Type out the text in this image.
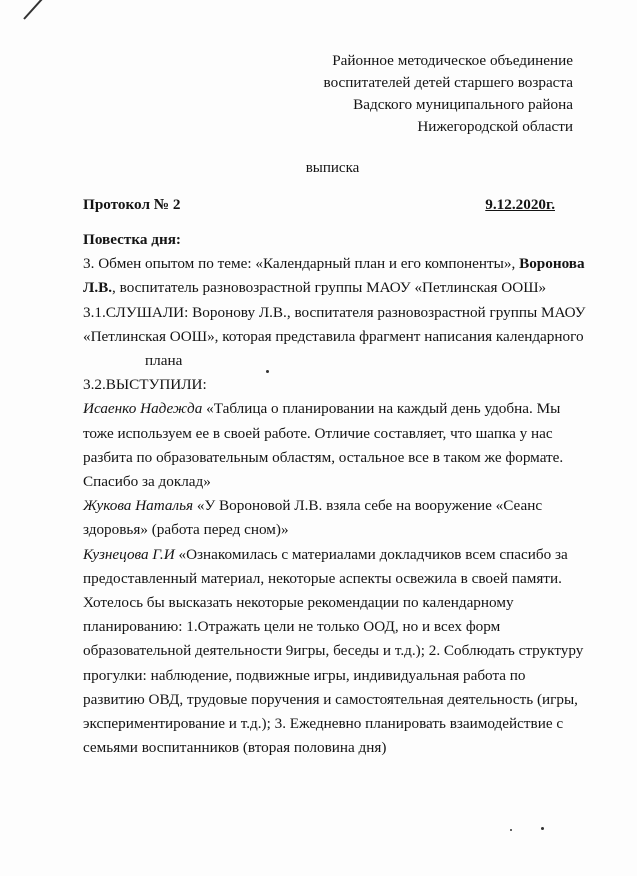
Районное методическое объединение
воспитателей детей старшего возраста
Вадского муниципального района
Нижегородской области
выписка
Протокол № 2	9.12.2020г.
Повестка дня:
3. Обмен опытом по теме: «Календарный план и его компоненты», Воронова
Л.В., воспитатель разновозрастной группы МАОУ «Петлинская ООШ»
3.1.СЛУШАЛИ: Воронову Л.В., воспитателя разновозрастной группы МАОУ
«Петлинская ООШ», которая представила фрагмент написания календарного
плана
3.2.ВЫСТУПИЛИ:
Исаенко Надежда «Таблица о планировании на каждый день удобна. Мы
тоже используем ее в своей работе. Отличие составляет, что шапка у нас
разбита по образовательным областям, остальное все в таком же формате.
Спасибо за доклад»
Жукова Наталья «У Вороновой Л.В. взяла себе на вооружение «Сеанс
здоровья» (работа перед сном)»
Кузнецова Г.И «Ознакомилась с материалами докладчиков всем спасибо за
предоставленный материал, некоторые аспекты освежила в своей памяти.
Хотелось бы высказать некоторые рекомендации по календарному
планированию: 1.Отражать цели не только ООД, но и всех форм
образовательной деятельности 9игры, беседы и т.д.); 2. Соблюдать структуру
прогулки: наблюдение, подвижные игры, индивидуальная работа по
развитию ОВД, трудовые поручения и самостоятельная деятельность (игры,
экспериментирование и т.д.); 3. Ежедневно планировать взаимодействие с
семьями воспитанников (вторая половина дня)
